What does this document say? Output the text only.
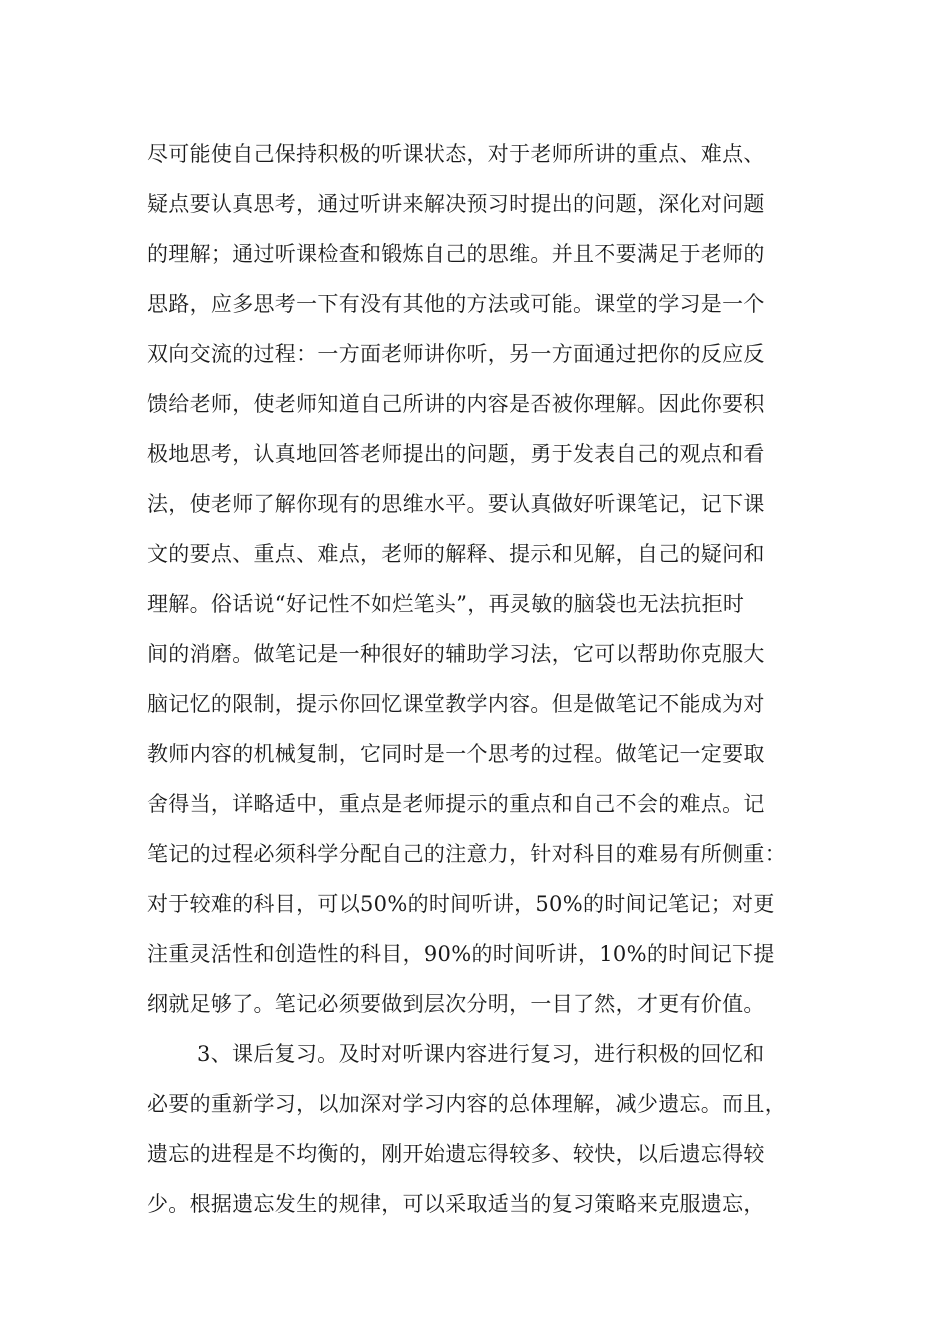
尽可能使自己保持积极的听课状态，对于老师所讲的重点、难点、
疑点要认真思考，通过听讲来解决预习时提出的问题，深化对问题
的理解；通过听课检查和锻炼自己的思维。并且不要满足于老师的
思路，应多思考一下有没有其他的方法或可能。课堂的学习是一个
双向交流的过程：一方面老师讲你听，另一方面通过把你的反应反
馈给老师，使老师知道自己所讲的内容是否被你理解。因此你要积
极地思考，认真地回答老师提出的问题，勇于发表自己的观点和看
法，使老师了解你现有的思维水平。要认真做好听课笔记，记下课
文的要点、重点、难点，老师的解释、提示和见解，自己的疑问和
理解。俗话说“好记性不如烂笔头”，再灵敏的脑袋也无法抗拒时
间的消磨。做笔记是一种很好的辅助学习法，它可以帮助你克服大
脑记忆的限制，提示你回忆课堂教学内容。但是做笔记不能成为对
教师内容的机械复制，它同时是一个思考的过程。做笔记一定要取
舍得当，详略适中，重点是老师提示的重点和自己不会的难点。记
笔记的过程必须科学分配自己的注意力，针对科目的难易有所侧重：
对于较难的科目，可以50%的时间听讲，50%的时间记笔记；对更
注重灵活性和创造性的科目，90%的时间听讲，10%的时间记下提
纲就足够了。笔记必须要做到层次分明，一目了然，才更有价值。
3、课后复习。及时对听课内容进行复习，进行积极的回忆和
必要的重新学习，以加深对学习内容的总体理解，减少遗忘。而且，
遗忘的进程是不均衡的，刚开始遗忘得较多、较快，以后遗忘得较
少。根据遗忘发生的规律，可以采取适当的复习策略来克服遗忘，
